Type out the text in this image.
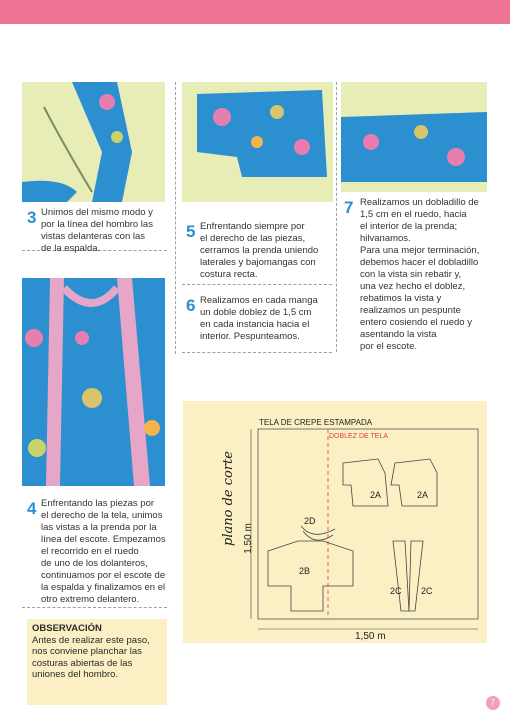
3 Unimos del mismo modo y
por la línea del hombro las
vistas delanteras con las
de la espalda.
5 Enfrentando siempre por
el derecho de las piezas,
cerramos la prenda uniendo
laterales y bajomangas con
costura recta.
6 Realizamos en cada manga
un doble doblez de 1,5 cm
en cada instancia hacia el
interior. Pespunteamos.
7 Realizamos un dobladillo de
1,5 cm en el ruedo, hacia
el interior de la prenda;
hilvanamos.
Para una mejor terminación,
debemos hacer el dobladillo
con la vista sin rebatir y,
una vez hecho el doblez,
rebatimos la vista y
realizamos un pespunte
entero cosiendo el ruedo y
asentando la vista
por el escote.
4 Enfrentando las piezas por
el derecho de la tela, unimos
las vistas a la prenda por la
línea del escote. Empezamos
el recorrido en el ruedo
de uno de los dolanteros,
continuamos por el escote de
la espalda y finalizamos en el
otro extremo delantero.
OBSERVACIÓN
Antes de realizar este paso,
nos conviene planchar las
costuras abiertas de las
uniones del hombro.
plano de corte
TELA DE CREPE ESTAMPADA
DOBLEZ DE TELA
2A	2A
2D
2B
2C 2C
1,50 m
1,50 m
7
